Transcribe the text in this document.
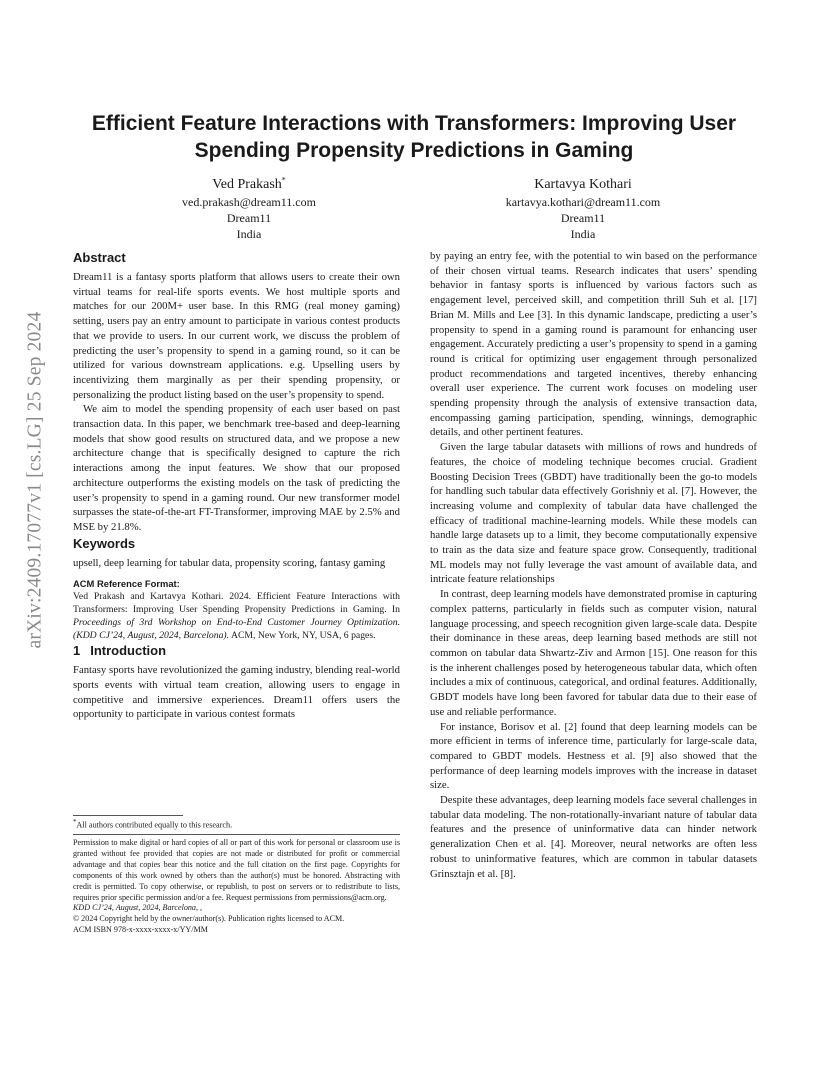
arXiv:2409.17077v1 [cs.LG] 25 Sep 2024
Efficient Feature Interactions with Transformers: Improving User
Spending Propensity Predictions in Gaming
Ved Prakash*
ved.prakash@dream11.com
Dream11
India
Kartavya Kothari
kartavya.kothari@dream11.com
Dream11
India
Abstract

Dream11 is a fantasy sports platform that allows users to create their own virtual teams for real-life sports events. We host multiple sports and matches for our 200M+ user base. In this RMG (real money gaming) setting, users pay an entry amount to participate in various contest products that we provide to users. In our current work, we discuss the problem of predicting the user’s propensity to spend in a gaming round, so it can be utilized for various downstream applications. e.g. Upselling users by incentivizing them marginally as per their spending propensity, or personalizing the product listing based on the user’s propensity to spend.

We aim to model the spending propensity of each user based on past transaction data. In this paper, we benchmark tree-based and deep-learning models that show good results on structured data, and we propose a new architecture change that is specifically designed to capture the rich interactions among the input features. We show that our proposed architecture outperforms the existing models on the task of predicting the user’s propensity to spend in a gaming round. Our new transformer model surpasses the state-of-the-art FT-Transformer, improving MAE by 2.5% and MSE by 21.8%.

Keywords

upsell, deep learning for tabular data, propensity scoring, fantasy gaming

ACM Reference Format:
Ved Prakash and Kartavya Kothari. 2024. Efficient Feature Interactions with Transformers: Improving User Spending Propensity Predictions in Gaming. In Proceedings of 3rd Workshop on End-to-End Customer Journey Optimization. (KDD CJ’24, August, 2024, Barcelona). ACM, New York, NY, USA, 6 pages.
1 Introduction

Fantasy sports have revolutionized the gaming industry, blending real-world sports events with virtual team creation, allowing users to engage in competitive and immersive experiences. Dream11 offers users the opportunity to participate in various contest formats

*All authors contributed equally to this research.
Permission to make digital or hard copies of all or part of this work for personal or classroom use is granted without fee provided that copies are not made or distributed for profit or commercial advantage and that copies bear this notice and the full citation on the first page. Copyrights for components of this work owned by others than the author(s) must be honored. Abstracting with credit is permitted. To copy otherwise, or republish, to post on servers or to redistribute to lists, requires prior specific permission and/or a fee. Request permissions from permissions@acm.org.
KDD CJ’24, August, 2024, Barcelona, ,
© 2024 Copyright held by the owner/author(s). Publication rights licensed to ACM.
ACM ISBN 978-x-xxxx-xxxx-x/YY/MM

by paying an entry fee, with the potential to win based on the performance of their chosen virtual teams. Research indicates that users’ spending behavior in fantasy sports is influenced by various factors such as engagement level, perceived skill, and competition thrill Suh et al. [17] Brian M. Mills and Lee [3]. In this dynamic landscape, predicting a user’s propensity to spend in a gaming round is paramount for enhancing user engagement. Accurately predicting a user’s propensity to spend in a gaming round is critical for optimizing user engagement through personalized product recommendations and targeted incentives, thereby enhancing overall user experience. The current work focuses on modeling user spending propensity through the analysis of extensive transaction data, encompassing gaming participation, spending, winnings, demographic details, and other pertinent features.

Given the large tabular datasets with millions of rows and hundreds of features, the choice of modeling technique becomes crucial. Gradient Boosting Decision Trees (GBDT) have traditionally been the go-to models for handling such tabular data effectively Gorishniy et al. [7]. However, the increasing volume and complexity of tabular data have challenged the efficacy of traditional machine-learning models. While these models can handle large datasets up to a limit, they become computationally expensive to train as the data size and feature space grow. Consequently, traditional ML models may not fully leverage the vast amount of available data, and intricate feature relationships

In contrast, deep learning models have demonstrated promise in capturing complex patterns, particularly in fields such as computer vision, natural language processing, and speech recognition given large-scale data. Despite their dominance in these areas, deep learning based methods are still not common on tabular data Shwartz-Ziv and Armon [15]. One reason for this is the inherent challenges posed by heterogeneous tabular data, which often includes a mix of continuous, categorical, and ordinal features. Additionally, GBDT models have long been favored for tabular data due to their ease of use and reliable performance.

For instance, Borisov et al. [2] found that deep learning models can be more efficient in terms of inference time, particularly for large-scale data, compared to GBDT models. Hestness et al. [9] also showed that the performance of deep learning models improves with the increase in dataset size.

Despite these advantages, deep learning models face several challenges in tabular data modeling. The non-rotationally-invariant nature of tabular data features and the presence of uninformative data can hinder network generalization Chen et al. [4]. Moreover, neural networks are often less robust to uninformative features, which are common in tabular datasets Grinsztajn et al. [8].
